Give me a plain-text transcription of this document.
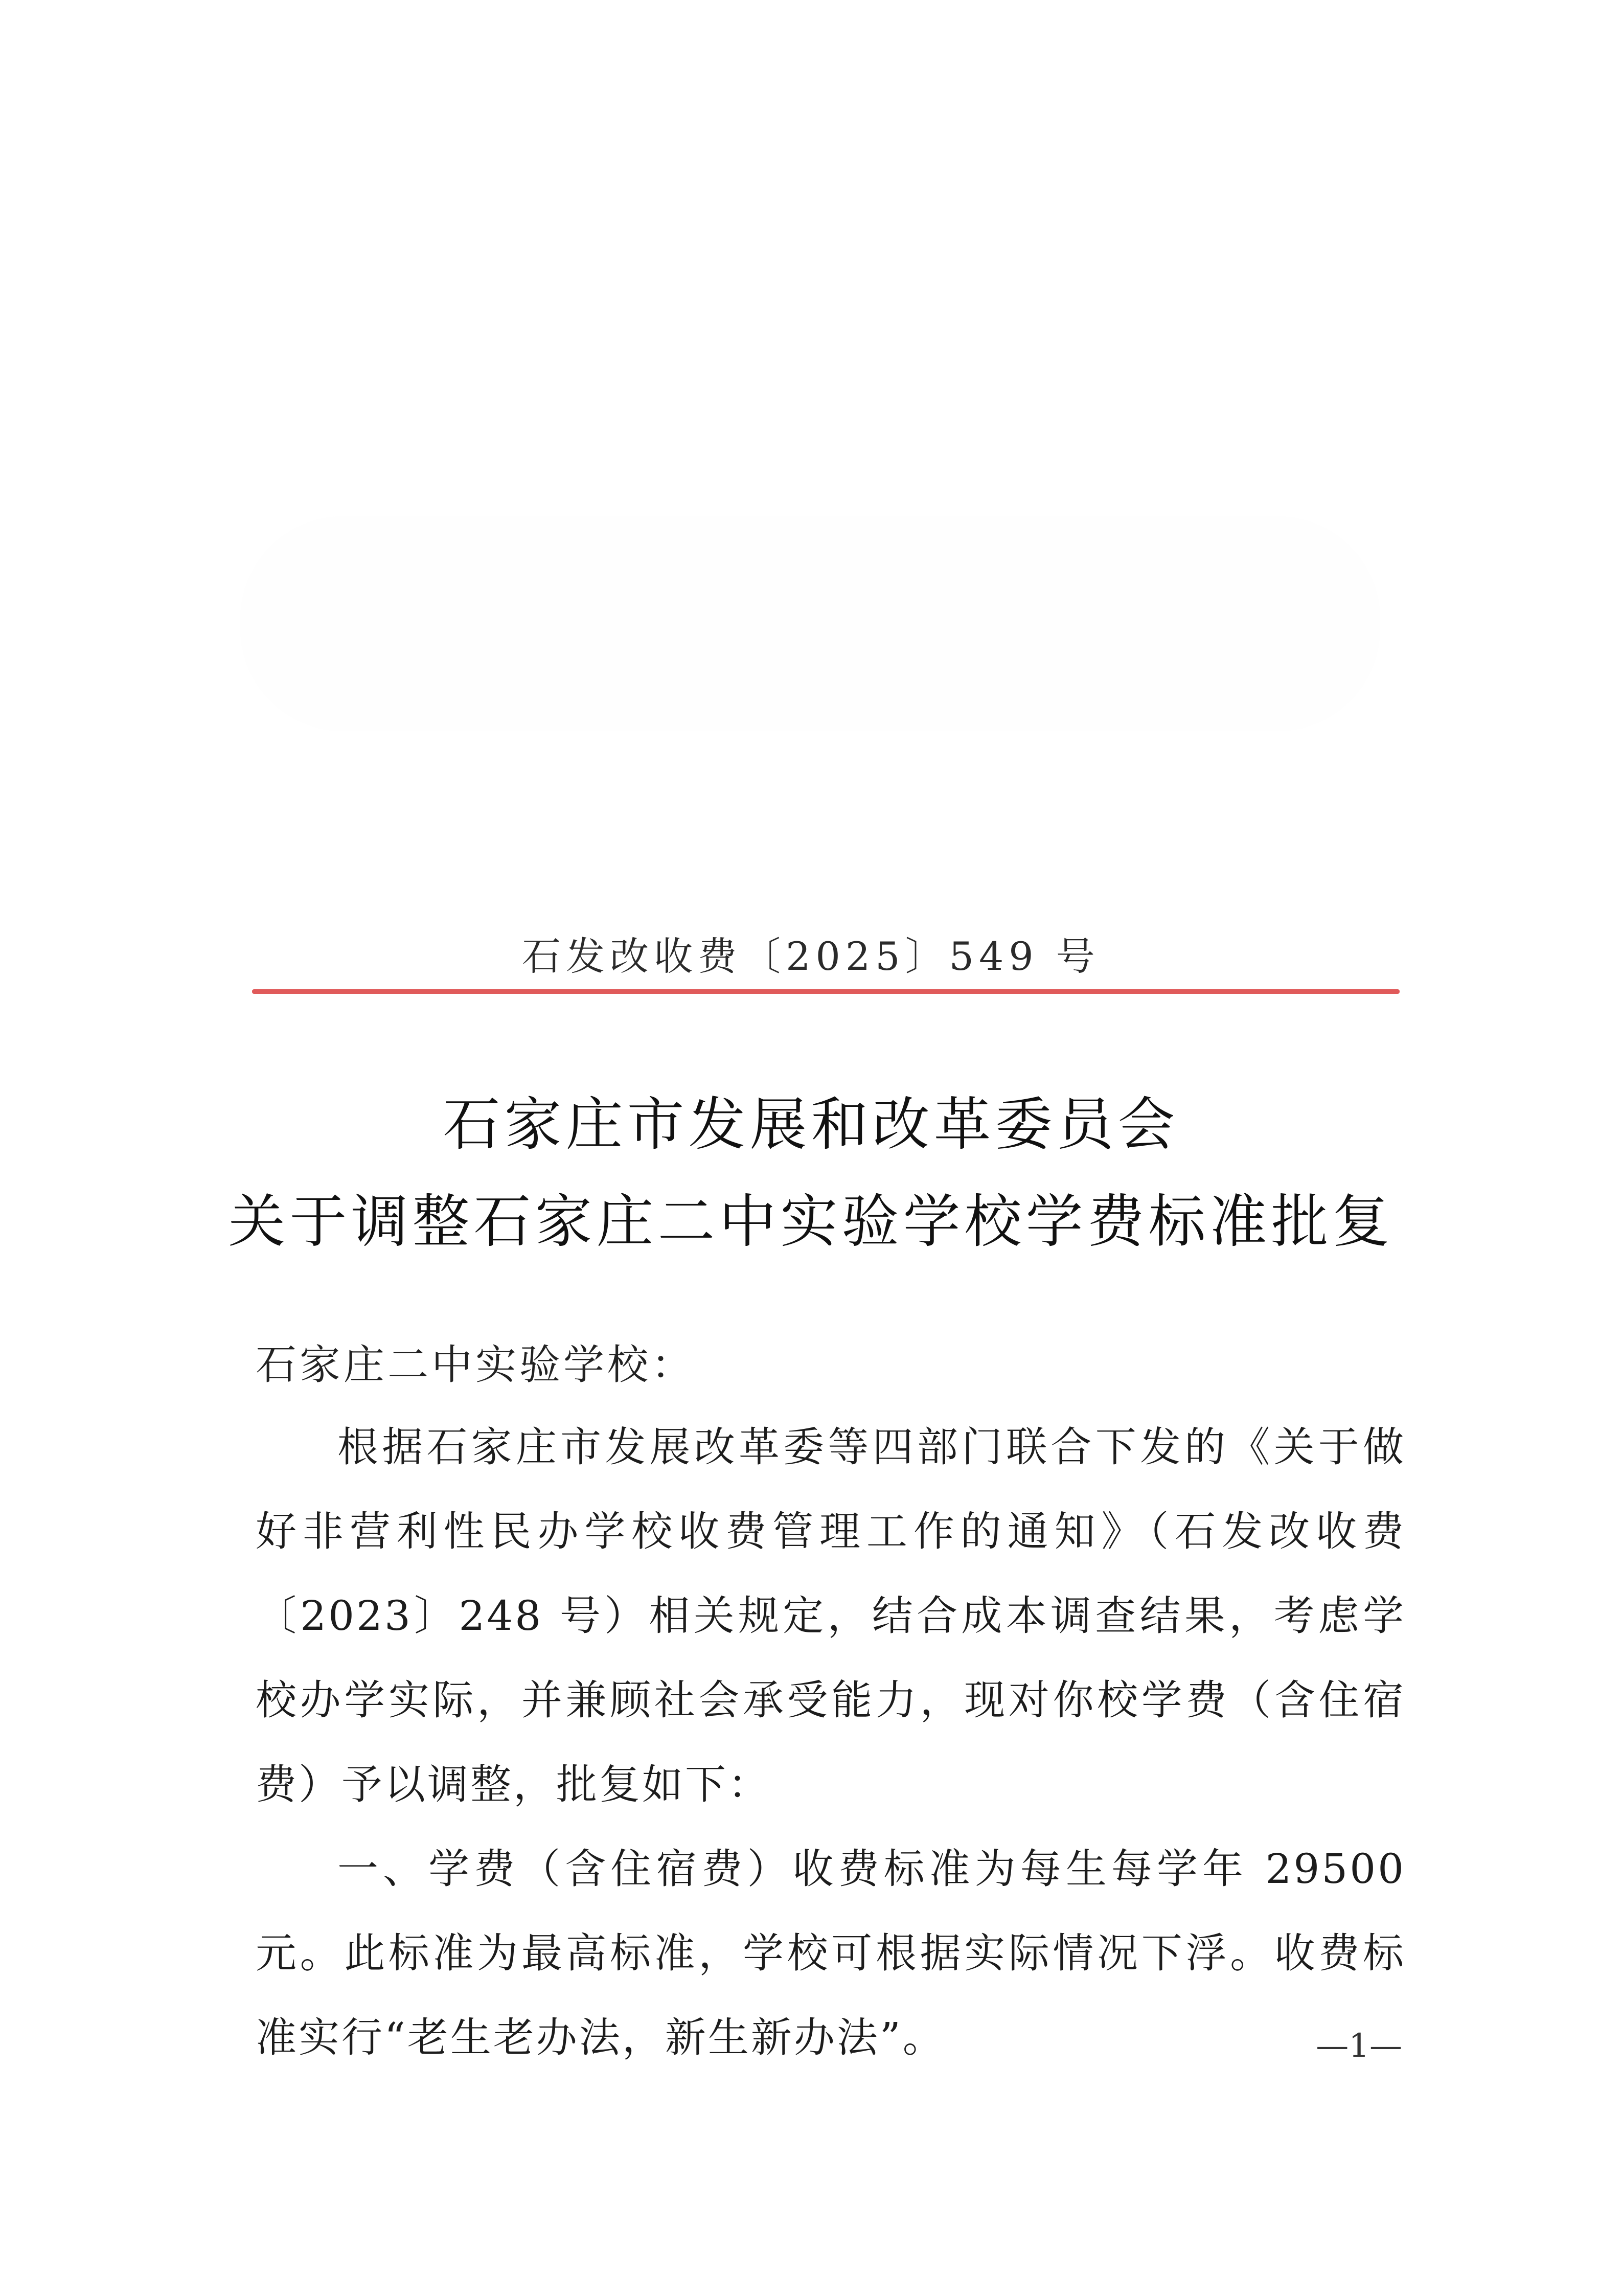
石发改收费〔2025〕549 号
石家庄市发展和改革委员会
关于调整石家庄二中实验学校学费标准批复
石家庄二中实验学校：

根据石家庄市发展改革委等四部门联合下发的《关于做好非营利性民办学校收费管理工作的通知》（石发改收费〔2023〕248 号）相关规定，结合成本调查结果，考虑学校办学实际，并兼顾社会承受能力，现对你校学费（含住宿费）予以调整，批复如下：

一、学费（含住宿费）收费标准为每生每学年 29500 元。此标准为最高标准，学校可根据实际情况下浮。收费标准实行“老生老办法，新生新办法”。	—1—
